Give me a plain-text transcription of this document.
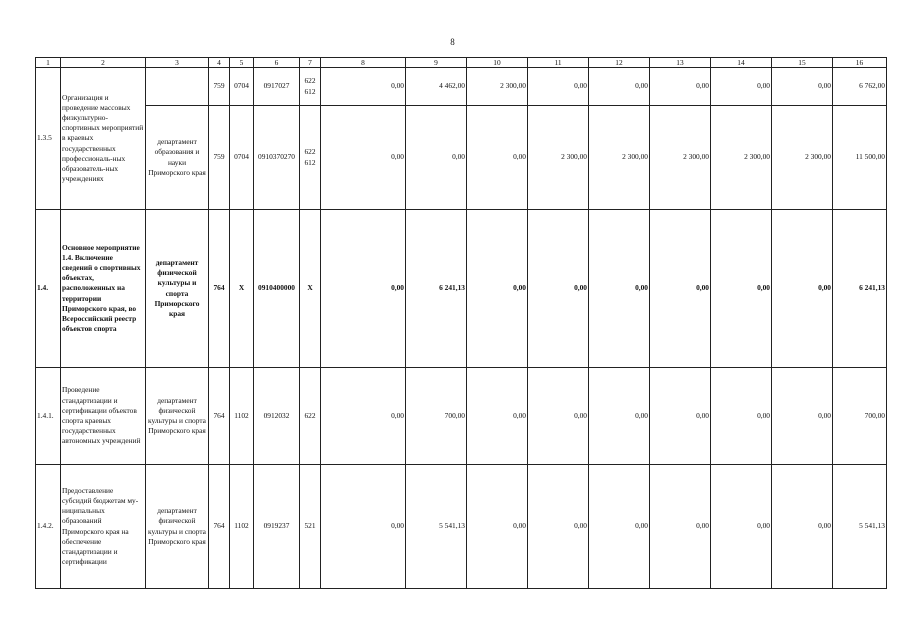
8
1	2	3	4	5	6	7	8	9	10	11	12	13	14	15	16
1.3.5	Организация и проведение массовых физкультурно-спортивных мероприятий в краевых государственных профессиональ-ных образователь-ных учреждениях		759	0704	0917027	622 612	0,00	4 462,00	2 300,00	0,00	0,00	0,00	0,00	0,00	6 762,00
		департамент образования и науки Приморского края	759	0704	0910370270	622 612	0,00	0,00	0,00	2 300,00	2 300,00	2 300,00	2 300,00	2 300,00	11 500,00
1.4.	Основное мероприятие 1.4. Включение сведений о спортивных объектах, расположенных на территории Приморского края, во Всероссийский реестр объектов спорта	департамент физической культуры и спорта Приморского края	764	X	0910400000	X	0,00	6 241,13	0,00	0,00	0,00	0,00	0,00	0,00	6 241,13
1.4.1.	Проведение стандартизации и сертификации объектов спорта краевых государственных автономных учреждений	департамент физической культуры и спорта Приморского края	764	1102	0912032	622	0,00	700,00	0,00	0,00	0,00	0,00	0,00	0,00	700,00
1.4.2.	Предоставление субсидий бюджетам му-ниципальных образований Приморского края на обеспечение стандартизации и сертификации	департамент физической культуры и спорта Приморского края	764	1102	0919237	521	0,00	5 541,13	0,00	0,00	0,00	0,00	0,00	0,00	5 541,13
